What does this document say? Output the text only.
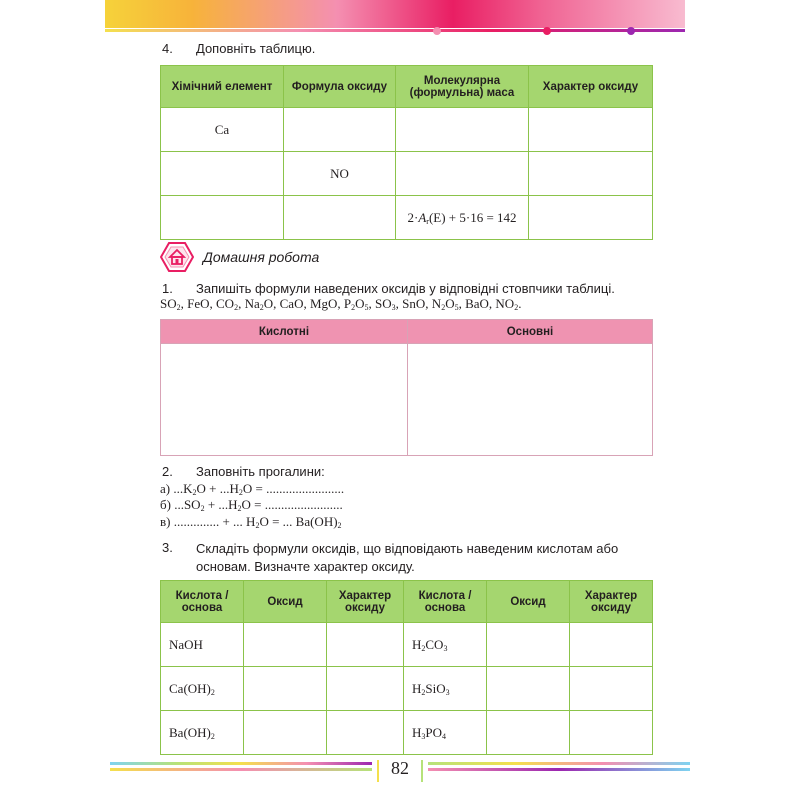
4. Доповніть таблицю.
Хімічний елемент	Формула оксиду	Молекулярна (формульна) маса	Характер оксиду
Ca			
	NO		
		$2\cdot A_r(E) + 5\cdot 16 = 142$	
Домашня робота
1. Запишіть формули наведених оксидів у відповідні стовпчики таблиці.
$SO_2$, FeO, $CO_2$, $Na_2O$, CaO, MgO, $P_2O_5$, $SO_3$, SnO, $N_2O_5$, BaO, $NO_2$.
Кислотні	Основні

2. Заповніть прогалини:
а) $...K_2O + ...H_2O$ = ........................
б) $...SO_2 + ...H_2O$ = ........................
в) .............. + ... $H_2O$ = ... $Ba(OH)_2$
3. Складіть формули оксидів, що відповідають наведеним кислотам або основам. Визначте характер оксиду.
Кислота / основа	Оксид	Характер оксиду	Кислота / основа	Оксид	Характер оксиду
NaOH			$H_2CO_3$		
$Ca(OH)_2$			$H_2SiO_3$		
$Ba(OH)_2$			$H_3PO_4$		
82
